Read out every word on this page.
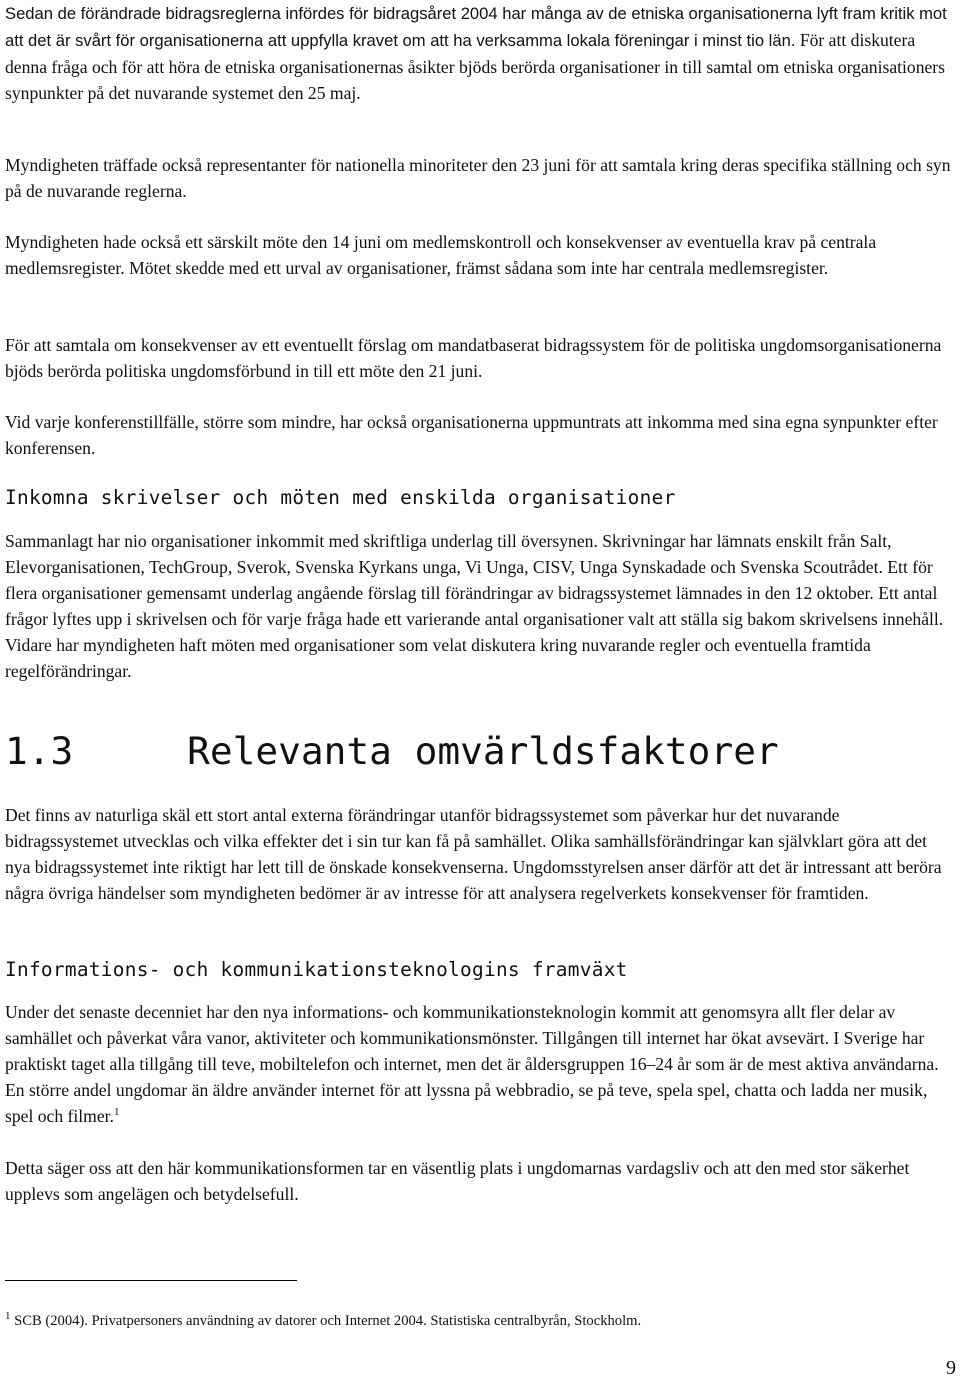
Sedan de förändrade bidragsreglerna infördes för bidragsåret 2004 har många av de etniska organisationerna lyft fram kritik mot att det är svårt för organisationerna att uppfylla kravet om att ha verksamma lokala föreningar i minst tio län. För att diskutera denna fråga och för att höra de etniska organisationernas åsikter bjöds berörda organisationer in till samtal om etniska organisationers synpunkter på det nuvarande systemet den 25 maj.

Myndigheten träffade också representanter för nationella minoriteter den 23 juni för att samtala kring deras specifika ställning och syn på de nuvarande reglerna.

Myndigheten hade också ett särskilt möte den 14 juni om medlemskontroll och konsekvenser av eventuella krav på centrala medlemsregister. Mötet skedde med ett urval av organisationer, främst sådana som inte har centrala medlemsregister.

För att samtala om konsekvenser av ett eventuellt förslag om mandatbaserat bidragssystem för de politiska ungdomsorganisationerna bjöds berörda politiska ungdomsförbund in till ett möte den 21 juni.

Vid varje konferenstillfälle, större som mindre, har också organisationerna uppmuntrats att inkomma med sina egna synpunkter efter konferensen.

Inkomna skrivelser och möten med enskilda organisationer

Sammanlagt har nio organisationer inkommit med skriftliga underlag till översynen. Skrivningar har lämnats enskilt från Salt, Elevorganisationen, TechGroup, Sverok, Svenska Kyrkans unga, Vi Unga, CISV, Unga Synskadade och Svenska Scoutrådet. Ett för flera organisationer gemensamt underlag angående förslag till förändringar av bidragssystemet lämnades in den 12 oktober. Ett antal frågor lyftes upp i skrivelsen och för varje fråga hade ett varierande antal organisationer valt att ställa sig bakom skrivelsens innehåll. Vidare har myndigheten haft möten med organisationer som velat diskutera kring nuvarande regler och eventuella framtida regelförändringar.

1.3	Relevanta omvärldsfaktorer

Det finns av naturliga skäl ett stort antal externa förändringar utanför bidragssystemet som påverkar hur det nuvarande bidragssystemet utvecklas och vilka effekter det i sin tur kan få på samhället. Olika samhällsförändringar kan självklart göra att det nya bidragssystemet inte riktigt har lett till de önskade konsekvenserna. Ungdomsstyrelsen anser därför att det är intressant att beröra några övriga händelser som myndigheten bedömer är av intresse för att analysera regelverkets konsekvenser för framtiden.

Informations- och kommunikationsteknologins framväxt

Under det senaste decenniet har den nya informations- och kommunikationsteknologin kommit att genomsyra allt fler delar av samhället och påverkat våra vanor, aktiviteter och kommunikationsmönster. Tillgången till internet har ökat avsevärt. I Sverige har praktiskt taget alla tillgång till teve, mobiltelefon och internet, men det är åldersgruppen 16–24 år som är de mest aktiva användarna. En större andel ungdomar än äldre använder internet för att lyssna på webbradio, se på teve, spela spel, chatta och ladda ner musik, spel och filmer.$^1$

Detta säger oss att den här kommunikationsformen tar en väsentlig plats i ungdomarnas vardagsliv och att den med stor säkerhet upplevs som angelägen och betydelsefull.

$^1$ SCB (2004). Privatpersoners användning av datorer och Internet 2004. Statistiska centralbyrån, Stockholm.

9
